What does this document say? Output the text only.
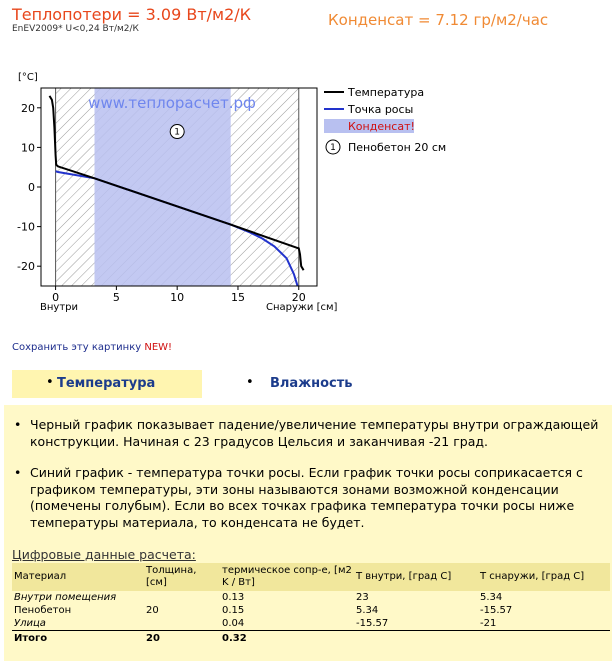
Теплопотери = 3.09 Вт/м2/К
EnEV2009* U<0,24 Вт/м2/К	Конденсат = 7.12 гр/м2/час
www.теплорасчет.рф
1
0	5	10	15	20
20
10
0
-10
-20
[°C]
Внутри	Снаружи [см]
Температура
Точка росы
Конденсат!
1 Пенобетон 20 см
Сохранить эту картинку NEW!
• Температура	• Влажность
• Черный график показывает падение/увеличение температуры внутри ограждающей конструкции. Начиная с 23 градусов Цельсия и заканчивая -21 град.
• Синий график - температура точки росы. Если график точки росы соприкасается с графиком температуры, эти зоны называются зонами возможной конденсации (помечены голубым). Если во всех точках графика температура точки росы ниже температуры материала, то конденсата не будет.
Цифровые данные расчета:
Материал	Толщина, [см]	термическое сопр-е, [м2 K / Вт]	Т внутри, [град С]	Т снаружи, [град С]
Внутри помещения		0.13	23	5.34
Пенобетон	20	0.15	5.34	-15.57
Улица		0.04	-15.57	-21
Итого	20	0.32		
